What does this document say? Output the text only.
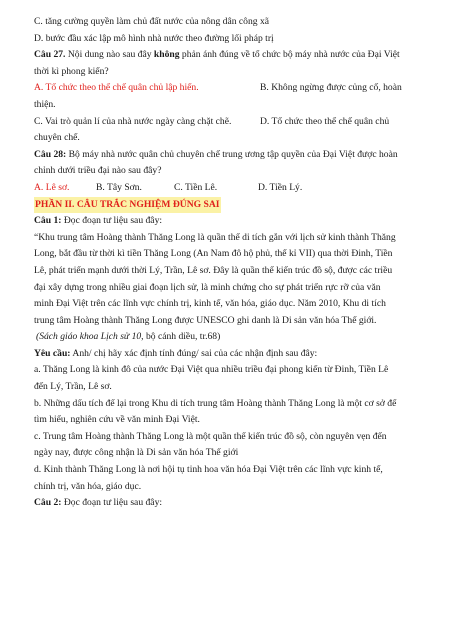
C. tăng cường quyền làm chủ đất nước của nông dân công xã
D. bước đầu xác lập mô hình nhà nước theo đường lối pháp trị
Câu 27. Nội dung nào sau đây không phản ánh đúng về tổ chức bộ máy nhà nước của Đại Việt
thời kì phong kiến?
A. Tổ chức theo thể chế quân chủ lập hiến.	B. Không ngừng được củng cố, hoàn
thiện.
C. Vai trò quản lí của nhà nước ngày càng chặt chẽ.	D. Tổ chức theo thể chế quân chủ
chuyên chế.
Câu 28: Bộ máy nhà nước quân chủ chuyên chế trung ương tập quyền của Đại Việt được hoàn
chỉnh dưới triều đại nào sau đây?
A. Lê sơ.	B. Tây Sơn.	C. Tiền Lê.	D. Tiền Lý.
PHẦN II. CÂU TRẮC NGHIỆM ĐÚNG SAI
Câu 1: Đọc đoạn tư liệu sau đây:
“Khu trung tâm Hoàng thành Thăng Long là quần thể di tích gắn với lịch sử kinh thành Thăng
Long, bắt đầu từ thời kì tiền Thăng Long (An Nam đô hộ phủ, thế kỉ VII) qua thời Đinh, Tiền
Lê, phát triển mạnh dưới thời Lý, Trần, Lê sơ. Đây là quần thể kiến trúc đồ sộ, được các triều
đại xây dựng trong nhiều giai đoạn lịch sử, là minh chứng cho sự phát triển rực rỡ của văn
minh Đại Việt trên các lĩnh vực chính trị, kinh tế, văn hóa, giáo dục. Năm 2010, Khu di tích
trung tâm Hoàng thành Thăng Long được UNESCO ghi danh là Di sản văn hóa Thế giới.
(Sách giáo khoa Lịch sử 10, bộ cánh diều, tr.68)
Yêu cầu: Anh/ chị hãy xác định tính đúng/ sai của các nhận định sau đây:
a. Thăng Long là kinh đô của nước Đại Việt qua nhiều triều đại phong kiến từ Đinh, Tiền Lê
đến Lý, Trần, Lê sơ.
b. Những dấu tích để lại trong Khu di tích trung tâm Hoàng thành Thăng Long là một cơ sở để
tìm hiểu, nghiên cứu về văn minh Đại Việt.
c. Trung tâm Hoàng thành Thăng Long là một quần thể kiến trúc đồ sộ, còn nguyên vẹn đến
ngày nay, được công nhận là Di sản văn hóa Thế giới
d. Kinh thành Thăng Long là nơi hội tụ tinh hoa văn hóa Đại Việt trên các lĩnh vực kinh tế,
chính trị, văn hóa, giáo dục.
Câu 2: Đọc đoạn tư liệu sau đây:
